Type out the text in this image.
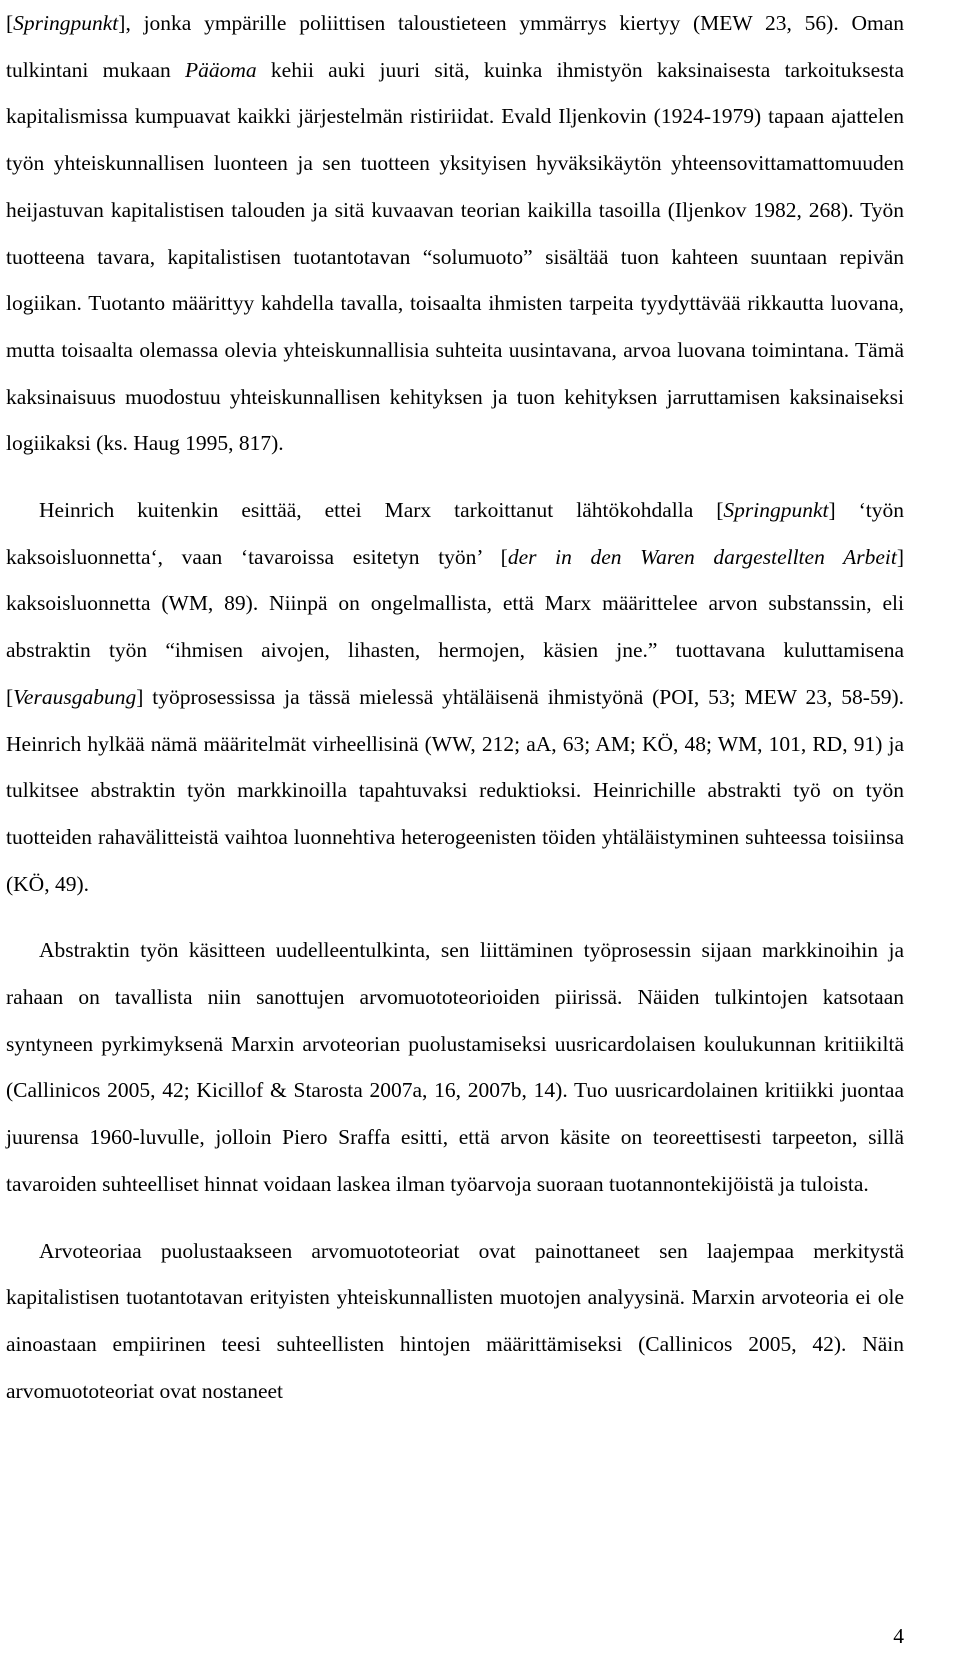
[Springpunkt], jonka ympärille poliittisen taloustieteen ymmärrys kiertyy (MEW 23, 56). Oman tulkintani mukaan Pääoma kehii auki juuri sitä, kuinka ihmistyön kaksinaisesta tarkoituksesta kapitalismissa kumpuavat kaikki järjestelmän ristiriidat. Evald Iljenkovin (1924-1979) tapaan ajattelen työn yhteiskunnallisen luonteen ja sen tuotteen yksityisen hyväksikäytön yhteensovittamattomuuden heijastuvan kapitalistisen talouden ja sitä kuvaavan teorian kaikilla tasoilla (Iljenkov 1982, 268). Työn tuotteena tavara, kapitalistisen tuotantotavan “solumuoto” sisältää tuon kahteen suuntaan repivän logiikan. Tuotanto määrittyy kahdella tavalla, toisaalta ihmisten tarpeita tyydyttävää rikkautta luovana, mutta toisaalta olemassa olevia yhteiskunnallisia suhteita uusintavana, arvoa luovana toimintana. Tämä kaksinaisuus muodostuu yhteiskunnallisen kehityksen ja tuon kehityksen jarruttamisen kaksinaiseksi logiikaksi (ks. Haug 1995, 817).

Heinrich kuitenkin esittää, ettei Marx tarkoittanut lähtökohdalla [Springpunkt] ‘työn kaksoisluonnetta‘, vaan ‘tavaroissa esitetyn työn’ [der in den Waren dargestellten Arbeit] kaksoisluonnetta (WM, 89). Niinpä on ongelmallista, että Marx määrittelee arvon substanssin, eli abstraktin työn “ihmisen aivojen, lihasten, hermojen, käsien jne.” tuottavana kuluttamisena [Verausgabung] työprosessissa ja tässä mielessä yhtäläisenä ihmistyönä (POI, 53; MEW 23, 58-59). Heinrich hylkää nämä määritelmät virheellisinä (WW, 212; aA, 63; AM; KÖ, 48; WM, 101, RD, 91) ja tulkitsee abstraktin työn markkinoilla tapahtuvaksi reduktioksi. Heinrichille abstrakti työ on työn tuotteiden rahavälitteistä vaihtoa luonnehtiva heterogeenisten töiden yhtäläistyminen suhteessa toisiinsa (KÖ, 49).

Abstraktin työn käsitteen uudelleentulkinta, sen liittäminen työprosessin sijaan markkinoihin ja rahaan on tavallista niin sanottujen arvomuototeorioiden piirissä. Näiden tulkintojen katsotaan syntyneen pyrkimyksenä Marxin arvoteorian puolustamiseksi uusricardolaisen koulukunnan kritiikiltä (Callinicos 2005, 42; Kicillof & Starosta 2007a, 16, 2007b, 14). Tuo uusricardolainen kritiikki juontaa juurensa 1960-luvulle, jolloin Piero Sraffa esitti, että arvon käsite on teoreettisesti tarpeeton, sillä tavaroiden suhteelliset hinnat voidaan laskea ilman työarvoja suoraan tuotannontekijöistä ja tuloista.

Arvoteoriaa puolustaakseen arvomuototeoriat ovat painottaneet sen laajempaa merkitystä kapitalistisen tuotantotavan erityisten yhteiskunnallisten muotojen analyysinä. Marxin arvoteoria ei ole ainoastaan empiirinen teesi suhteellisten hintojen määrittämiseksi (Callinicos 2005, 42). Näin arvomuototeoriat ovat nostaneet

4
